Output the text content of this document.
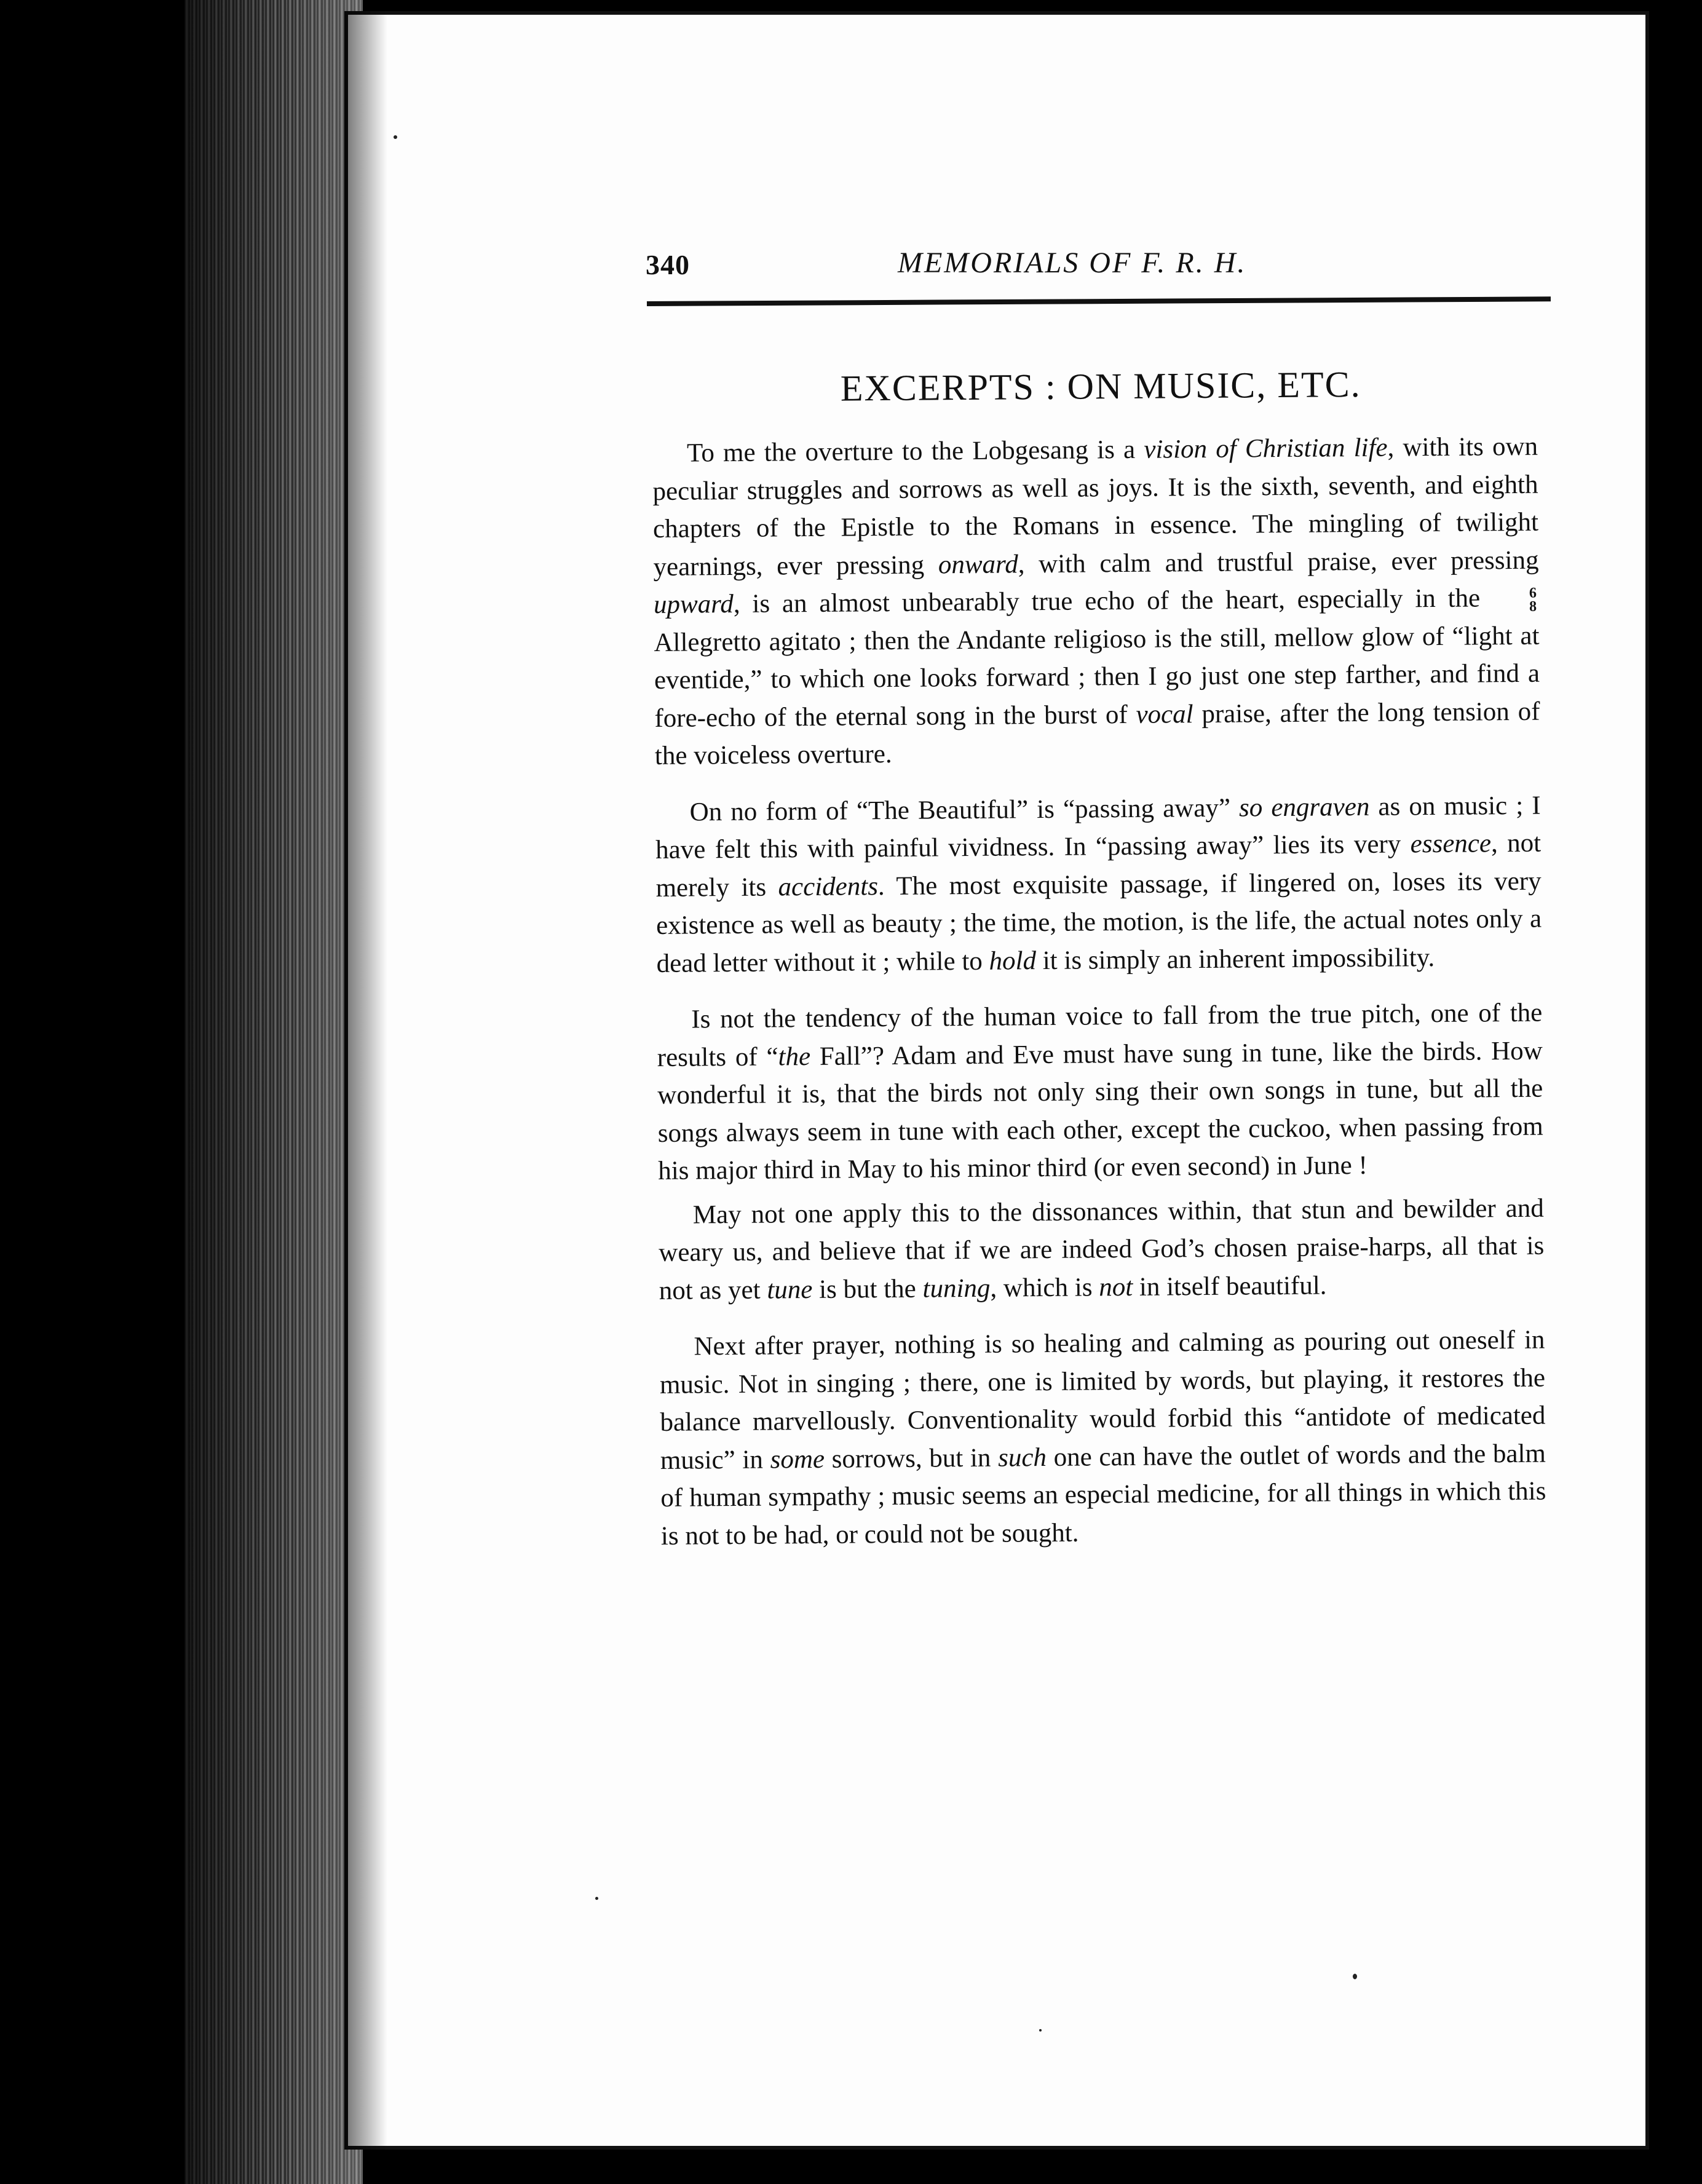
340	MEMORIALS OF F. R. H.
EXCERPTS : ON MUSIC, ETC.

To me the overture to the Lobgesang is a vision of Christian life, with its own peculiar struggles and sorrows as well as joys. It is the sixth, seventh, and eighth chapters of the Epistle to the Romans in essence. The mingling of twilight yearnings, ever pressing onward, with calm and trustful praise, ever pressing upward, is an almost unbearably true echo of the heart, especially in the	6
8
Allegretto agitato ; then the Andante religioso is the still, mellow glow of “light at eventide,” to which one looks forward ; then I go just one step farther, and find a fore-echo of the eternal song in the burst of vocal praise, after the long tension of the voiceless overture.

On no form of “The Beautiful” is “passing away” so engraven as on music ; I have felt this with painful vividness. In “passing away” lies its very essence, not merely its accidents. The most exquisite passage, if lingered on, loses its very existence as well as beauty ; the time, the motion, is the life, the actual notes only a dead letter without it ; while to hold it is simply an inherent impossibility.

Is not the tendency of the human voice to fall from the true pitch, one of the results of “the Fall”? Adam and Eve must have sung in tune, like the birds. How wonderful it is, that the birds not only sing their own songs in tune, but all the songs always seem in tune with each other, except the cuckoo, when passing from his major third in May to his minor third (or even second) in June !

May not one apply this to the dissonances within, that stun and bewilder and weary us, and believe that if we are indeed God’s chosen praise-harps, all that is not as yet tune is but the tuning, which is not in itself beautiful.

Next after prayer, nothing is so healing and calming as pouring out oneself in music. Not in singing ; there, one is limited by words, but playing, it restores the balance marvellously. Conventionality would forbid this “antidote of medicated music” in some sorrows, but in such one can have the outlet of words and the balm of human sympathy ; music seems an especial medicine, for all things in which this is not to be had, or could not be sought.
